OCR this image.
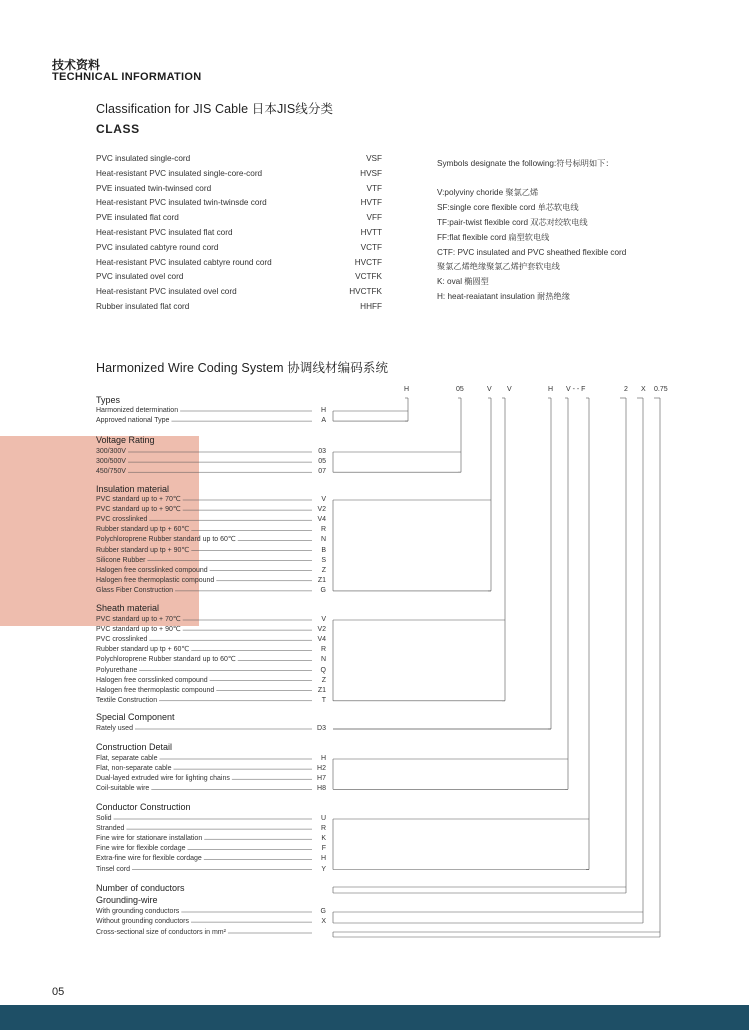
技术资料
TECHNICAL INFORMATION
Classification for JIS Cable 日本JIS线分类
CLASS
PVC insulated single-cord	VSF
Heat-resistant PVC insulated single-core-cord	HVSF
PVE insuated twin-twinsed cord	VTF
Heat-resistant PVC insulated twin-twinsde cord	HVTF
PVE insulated flat cord	VFF
Heat-resistant PVC insulated flat cord	HVTT
PVC insulated cabtyre round cord	VCTF
Heat-resistant PVC insulated cabtyre round cord	HVCTF
PVC insulated ovel cord	VCTFK
Heat-resistant PVC insulated ovel cord	HVCTFK
Rubber insulated flat cord	HHFF
Symbols designate the following:符号标明如下：
V:polyviny choride 聚氯乙烯
SF:single core flexible cord 单芯软电线
TF:pair-twist flexible cord 双芯对绞软电线
FF:flat flexible cord 扁型软电线
CTF: PVC insulated and PVC sheathed flexible cord
聚氯乙烯绝缘聚氯乙烯护套软电线
K: oval 椭圆型
H: heat-reaiatant insulation 耐热绝缘
Harmonized Wire Coding System 协调线材编码系统
H	05	V V	H V - - F	2 X 0.75
Types
Harmonized determination	H
Approved national Type	A
Voltage Rating
300/300V	03
300/500V	05
450/750V	07
Insulation material
PVC standard up to + 70℃	V
PVC standard up to + 90℃	V2
PVC crosslinked	V4
Rubber standard up tp + 60℃	R
Polychloroprene Rubber standard up to 60℃	N
Rubber standard up tp + 90℃	B
Silicone Rubber	S
Halogen free corsslinked compound	Z
Halogen free thermoplastic compound	Z1
Glass Fiber Construction	G
Sheath material
PVC standard up to + 70℃	V
PVC standard up to + 90℃	V2
PVC crosslinked	V4
Rubber standard up tp + 60℃	R
Polychloroprene Rubber standard up to 60℃	N
Polyurethane	Q
Halogen free corsslinked compound	Z
Halogen free thermoplastic compound	Z1
Textile Construction	T
Special Component
Rately used	D3
Construction Detail
Flat, separate cable	H
Flat, non-separate cable	H2
Dual-layed extruded wire for lighting chains	H7
Coil-suitable wire	H8
Conductor Construction
Solid	U
Stranded	R
Fine wire for stationare installation	K
Fine wire for flexible cordage	F
Extra-fine wire for flexible cordage	H
Tinsel cord	Y
Number of conductors
Grounding-wire
With grounding conductors	G
Without grounding conductors	X
Cross-sectional size of conductors in mm²
05
